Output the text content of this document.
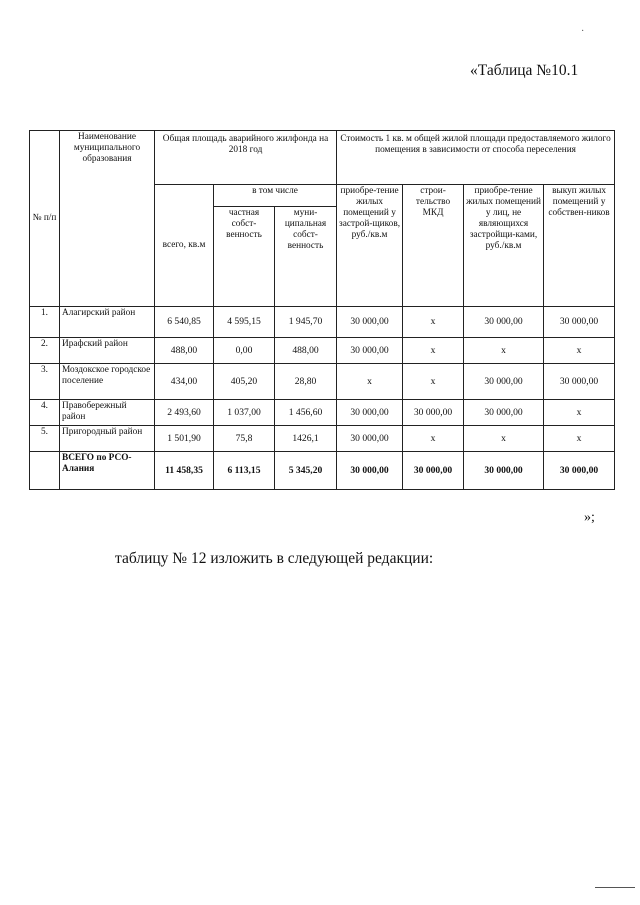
·
«Таблица №10.1
№ п/п	Наименование муниципального образования	Общая площадь аварийного жилфонда на 2018 год			Стоимость 1 кв. м общей жилой площади предоставляемого жилого помещения в зависимости от способа переселения			
		всего, кв.м	в том числе		приобре-тение жилых помещений у застрой-щиков, руб./кв.м	строи-тельство МКД	приобре-тение жилых помещений у лиц, не являющихся застройщи-ками, руб./кв.м	выкуп жилых помещений у собствен-ников
			частная собст-венность	муни-ципальная собст-венность				
1.	Алагирский район	6 540,85	4 595,15	1 945,70	30 000,00	х	30 000,00	30 000,00
2.	Ирафский район	488,00	0,00	488,00	30 000,00	х	х	х
3.	Моздокское городское поселение	434,00	405,20	28,80	х	х	30 000,00	30 000,00
4.	Правобережный район	2 493,60	1 037,00	1 456,60	30 000,00	30 000,00	30 000,00	х
5.	Пригородный район	1 501,90	75,8	1426,1	30 000,00	х	х	х
	ВСЕГО по РСО-Алания	11 458,35	6 113,15	5 345,20	30 000,00	30 000,00	30 000,00	30 000,00
»;
таблицу № 12 изложить в следующей редакции:
